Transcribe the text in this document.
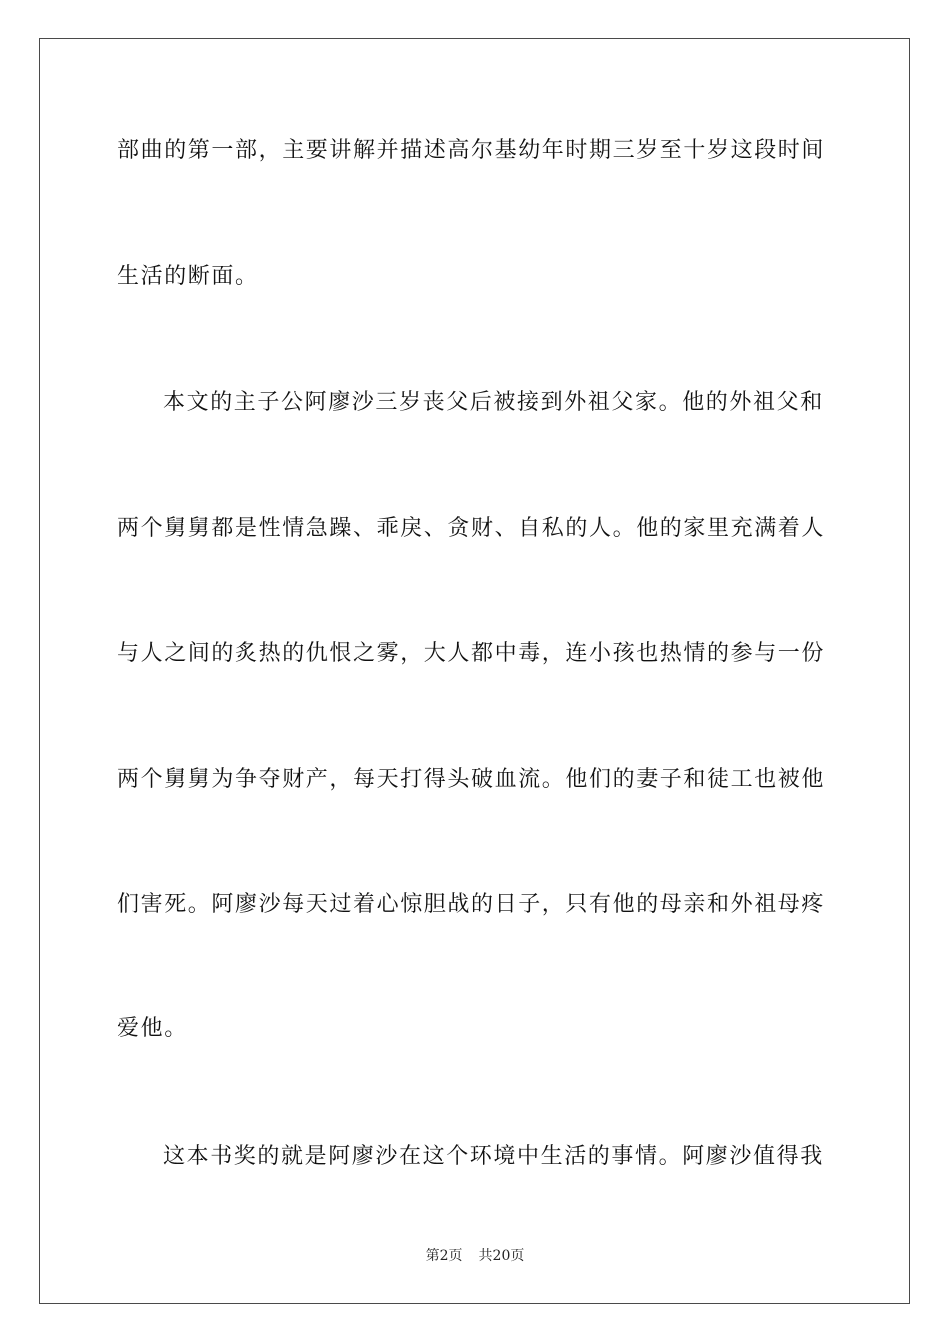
部曲的第一部，主要讲解并描述高尔基幼年时期三岁至十岁这段时间
生活的断面。
本文的主子公阿廖沙三岁丧父后被接到外祖父家。他的外祖父和
两个舅舅都是性情急躁、乖戾、贪财、自私的人。他的家里充满着人
与人之间的炙热的仇恨之雾，大人都中毒，连小孩也热情的参与一份
两个舅舅为争夺财产，每天打得头破血流。他们的妻子和徒工也被他
们害死。阿廖沙每天过着心惊胆战的日子，只有他的母亲和外祖母疼
爱他。
这本书奖的就是阿廖沙在这个环境中生活的事情。阿廖沙值得我
第2页 共20页
